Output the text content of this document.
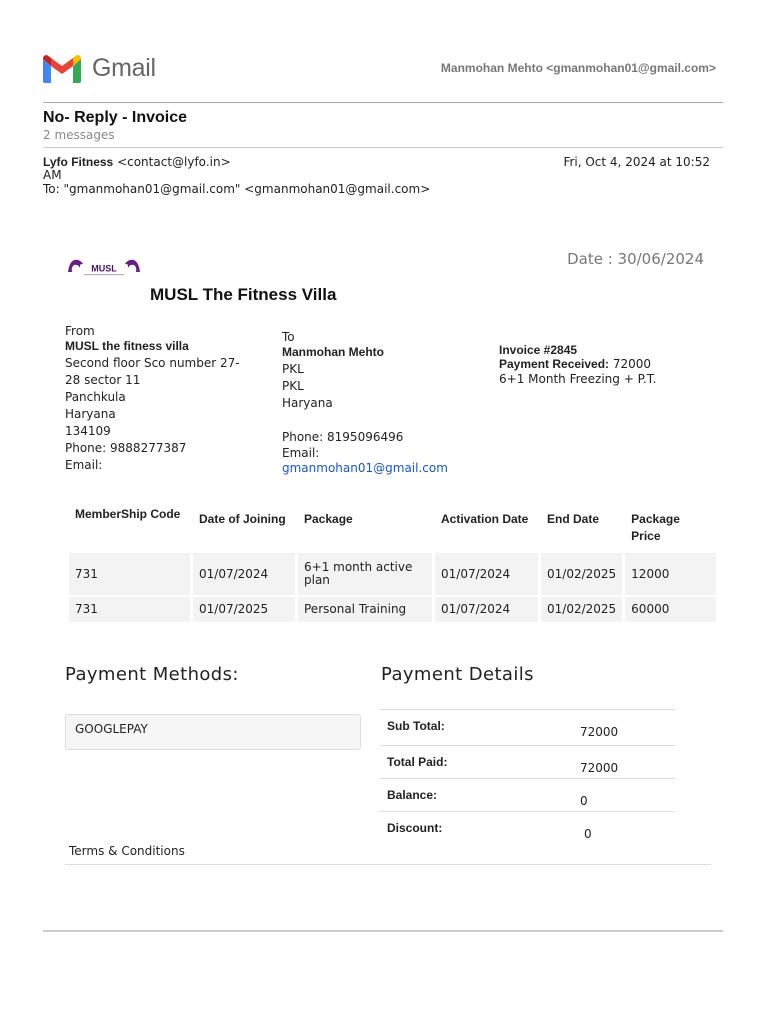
Gmail	Manmohan Mehto <gmanmohan01@gmail.com>
No- Reply - Invoice
2 messages
Lyfo Fitness <contact@lyfo.in>	Fri, Oct 4, 2024 at 10:52
AM
To: "gmanmohan01@gmail.com" <gmanmohan01@gmail.com>
MUSL
Date : 30/06/2024
MUSL The Fitness Villa
From
MUSL the fitness villa
Second floor Sco number 27-
28 sector 11
Panchkula
Haryana
134109
Phone: 9888277387
Email:
To
Manmohan Mehto
PKL
PKL
Haryana
Phone: 8195096496
Email:
gmanmohan01@gmail.com
Invoice #2845
Payment Received: 72000
6+1 Month Freezing + P.T.
MemberShip Code	Date of Joining	Package	Activation Date	End Date	Package Price
731	01/07/2024	6+1 month active plan	01/07/2024	01/02/2025	12000
731	01/07/2025	Personal Training	01/07/2024	01/02/2025	60000
Payment Methods:
GOOGLEPAY
Payment Details
Sub Total:	72000
Total Paid:	72000
Balance:	0
Discount:	0
Terms & Conditions
